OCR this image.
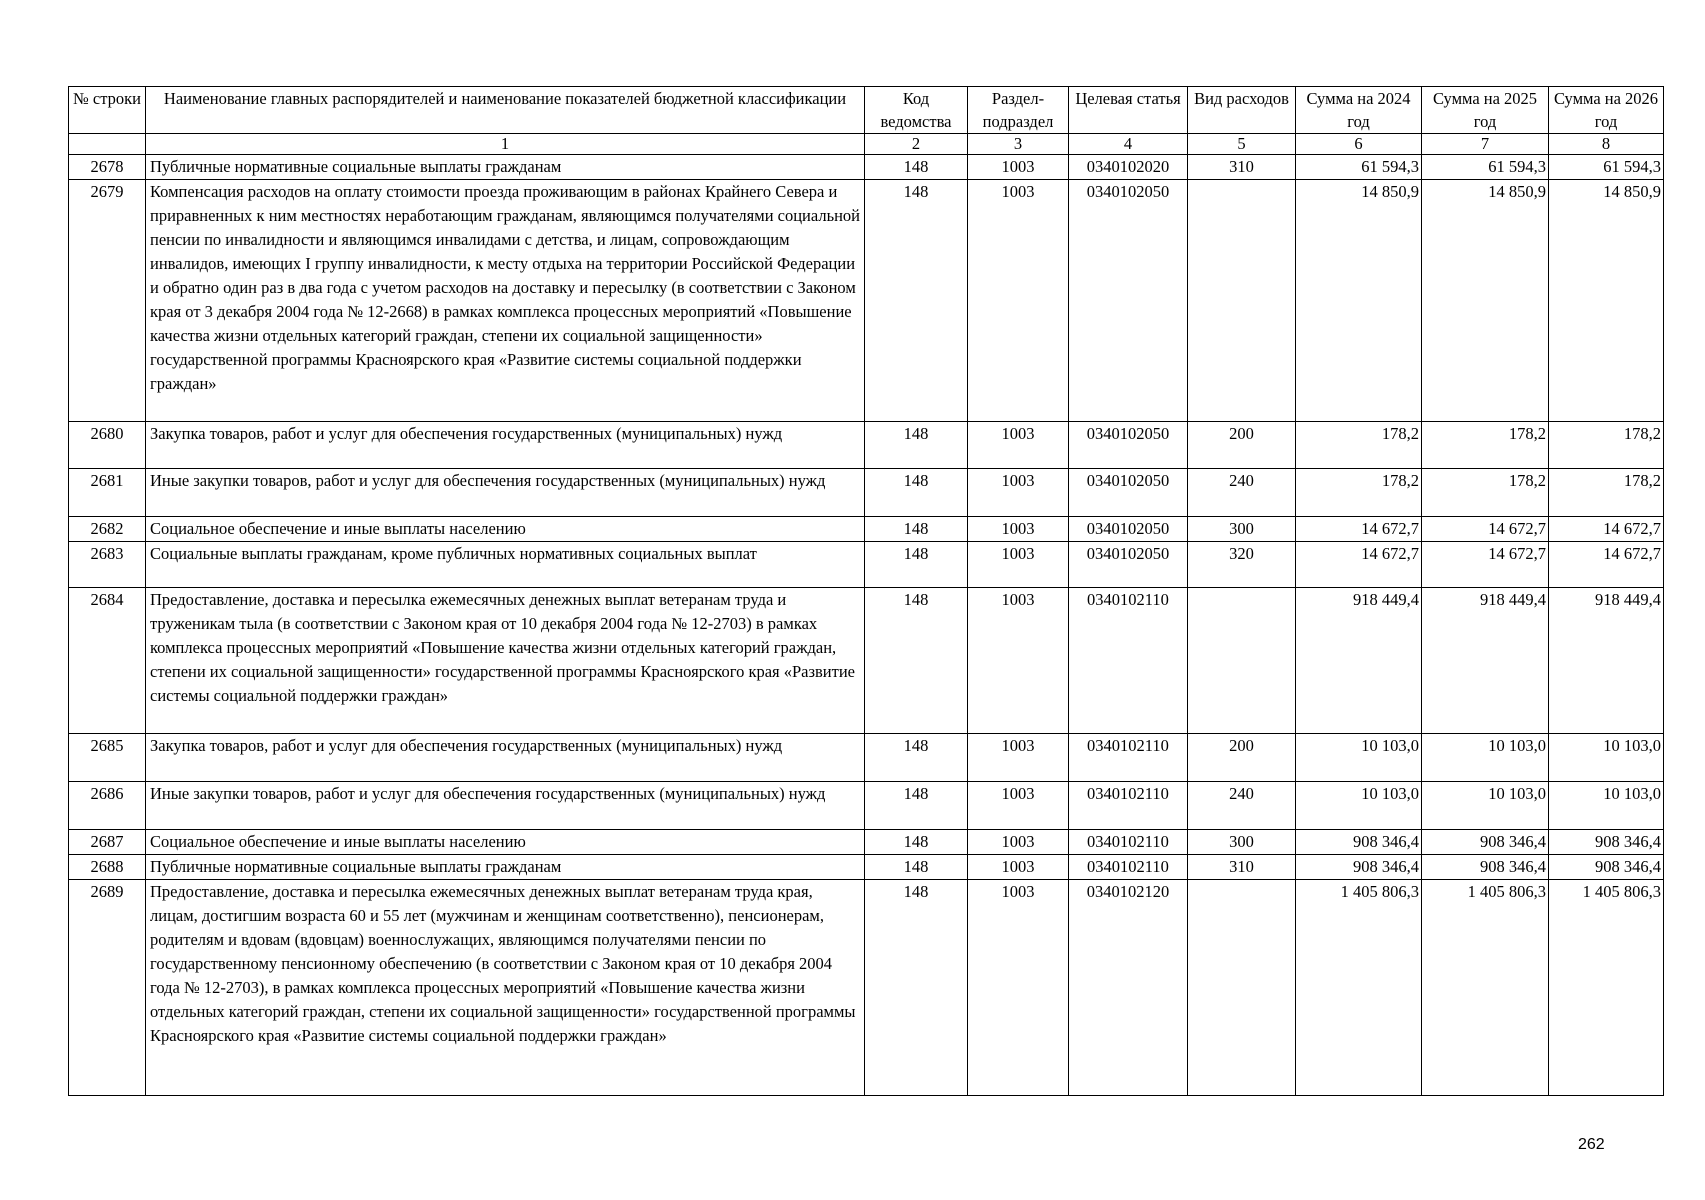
№ строки	Наименование главных распорядителей и наименование показателей бюджетной классификации	Код ведомства	Раздел- подраздел	Целевая статья	Вид расходов	Сумма на 2024 год	Сумма на 2025 год	Сумма на 2026 год
	1	2	3	4	5	6	7	8
2678	Публичные нормативные социальные выплаты гражданам	148	1003	0340102020	310	61 594,3	61 594,3	61 594,3
2679	Компенсация расходов на оплату стоимости проезда проживающим в районах Крайнего Севера и приравненных к ним местностях неработающим гражданам, являющимся получателями социальной пенсии по инвалидности и являющимся инвалидами с детства, и лицам, сопровождающим инвалидов, имеющих I группу инвалидности, к месту отдыха на территории Российской Федерации и обратно один раз в два года с учетом расходов на доставку и пересылку (в соответствии с Законом края от 3 декабря 2004 года № 12-2668) в рамках комплекса процессных мероприятий «Повышение качества жизни отдельных категорий граждан, степени их социальной защищенности» государственной программы Красноярского края «Развитие системы социальной поддержки граждан»	148	1003	0340102050		14 850,9	14 850,9	14 850,9
2680	Закупка товаров, работ и услуг для обеспечения государственных (муниципальных) нужд	148	1003	0340102050	200	178,2	178,2	178,2
2681	Иные закупки товаров, работ и услуг для обеспечения государственных (муниципальных) нужд	148	1003	0340102050	240	178,2	178,2	178,2
2682	Социальное обеспечение и иные выплаты населению	148	1003	0340102050	300	14 672,7	14 672,7	14 672,7
2683	Социальные выплаты гражданам, кроме публичных нормативных социальных выплат	148	1003	0340102050	320	14 672,7	14 672,7	14 672,7
2684	Предоставление, доставка и пересылка ежемесячных денежных выплат ветеранам труда и труженикам тыла (в соответствии с Законом края от 10 декабря 2004 года № 12-2703) в рамках комплекса процессных мероприятий «Повышение качества жизни отдельных категорий граждан, степени их социальной защищенности» государственной программы Красноярского края «Развитие системы социальной поддержки граждан»	148	1003	0340102110		918 449,4	918 449,4	918 449,4
2685	Закупка товаров, работ и услуг для обеспечения государственных (муниципальных) нужд	148	1003	0340102110	200	10 103,0	10 103,0	10 103,0
2686	Иные закупки товаров, работ и услуг для обеспечения государственных (муниципальных) нужд	148	1003	0340102110	240	10 103,0	10 103,0	10 103,0
2687	Социальное обеспечение и иные выплаты населению	148	1003	0340102110	300	908 346,4	908 346,4	908 346,4
2688	Публичные нормативные социальные выплаты гражданам	148	1003	0340102110	310	908 346,4	908 346,4	908 346,4
2689	Предоставление, доставка и пересылка ежемесячных денежных выплат ветеранам труда края, лицам, достигшим возраста 60 и 55 лет (мужчинам и женщинам соответственно), пенсионерам, родителям и вдовам (вдовцам) военнослужащих, являющимся получателями пенсии по государственному пенсионному обеспечению (в соответствии с Законом края от 10 декабря 2004 года № 12-2703), в рамках комплекса процессных мероприятий «Повышение качества жизни отдельных категорий граждан, степени их социальной защищенности» государственной программы Красноярского края «Развитие системы социальной поддержки граждан»	148	1003	0340102120		1 405 806,3	1 405 806,3	1 405 806,3
262
